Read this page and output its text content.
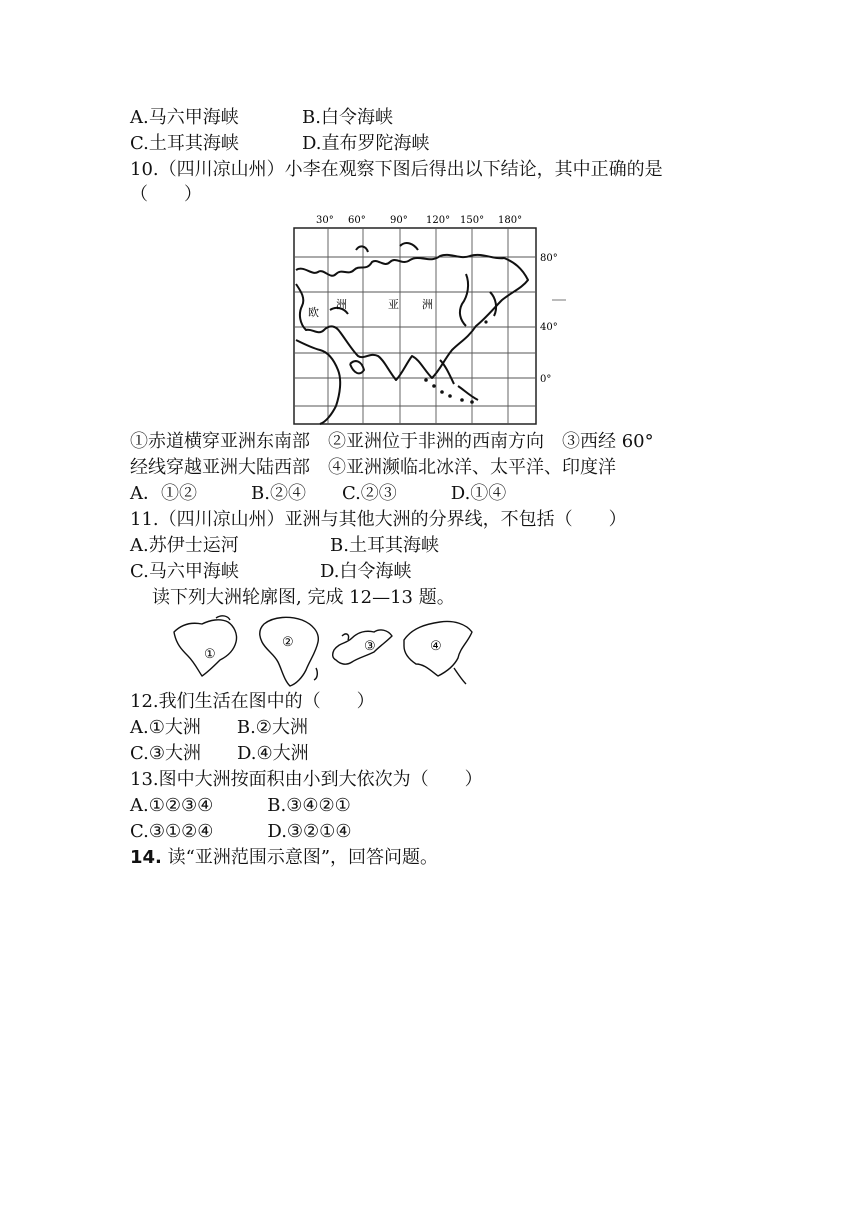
A.马六甲海峡	B.白令海峡
C.土耳其海峡	D.直布罗陀海峡
10.（四川凉山州）小李在观察下图后得出以下结论，其中正确的是
（　　）
30° 60° 90° 120° 150° 180°
80°
40°
0°
欧
洲	亚 洲
①赤道横穿亚洲东南部　②亚洲位于非洲的西南方向　③西经 60°
经线穿越亚洲大陆西部　④亚洲濒临北冰洋、太平洋、印度洋
A．①②　　　B.②④　　C.②③　　　D.①④
11.（四川凉山州）亚洲与其他大洲的分界线，不包括（　　）
A.苏伊士运河	B.土耳其海峡
C.马六甲海峡	D.白令海峡
读下列大洲轮廓图, 完成 12—13 题。
①
②	③	④
12.我们生活在图中的（　　）
A.①大洲　　B.②大洲
C.③大洲　　D.④大洲
13.图中大洲按面积由小到大依次为（　　）
A.①②③④　　　B.③④②①
C.③①②④　　　D.③②①④
14. 读“亚洲范围示意图”，回答问题。
